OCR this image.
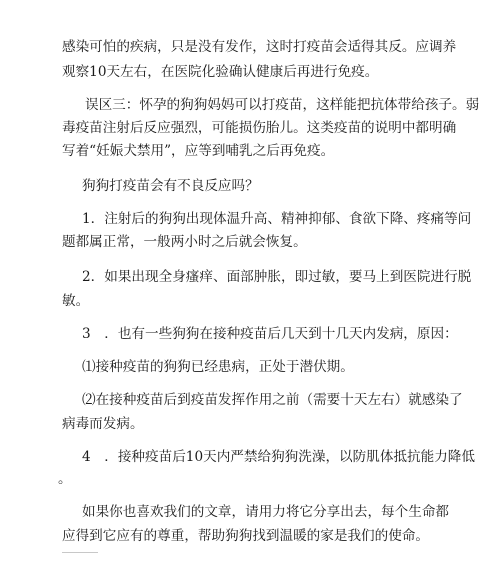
感染可怕的疾病，只是没有发作，这时打疫苗会适得其反。应调养
观察10天左右，在医院化验确认健康后再进行免疫。
误区三：怀孕的狗狗妈妈可以打疫苗，这样能把抗体带给孩子。弱
毒疫苗注射后反应强烈，可能损伤胎儿。这类疫苗的说明中都明确
写着“妊娠犬禁用”，应等到哺乳之后再免疫。
狗狗打疫苗会有不良反应吗？
1．注射后的狗狗出现体温升高、精神抑郁、食欲下降、疼痛等问
题都属正常，一般两小时之后就会恢复。
2．如果出现全身瘙痒、面部肿胀，即过敏，要马上到医院进行脱
敏。
3　．也有一些狗狗在接种疫苗后几天到十几天内发病，原因：
⑴接种疫苗的狗狗已经患病，正处于潜伏期。
⑵在接种疫苗后到疫苗发挥作用之前（需要十天左右）就感染了
病毒而发病。
4　．接种疫苗后10天内严禁给狗狗洗澡，以防肌体抵抗能力降低
。
如果你也喜欢我们的文章，请用力将它分享出去，每个生命都
应得到它应有的尊重，帮助狗狗找到温暖的家是我们的使命。
